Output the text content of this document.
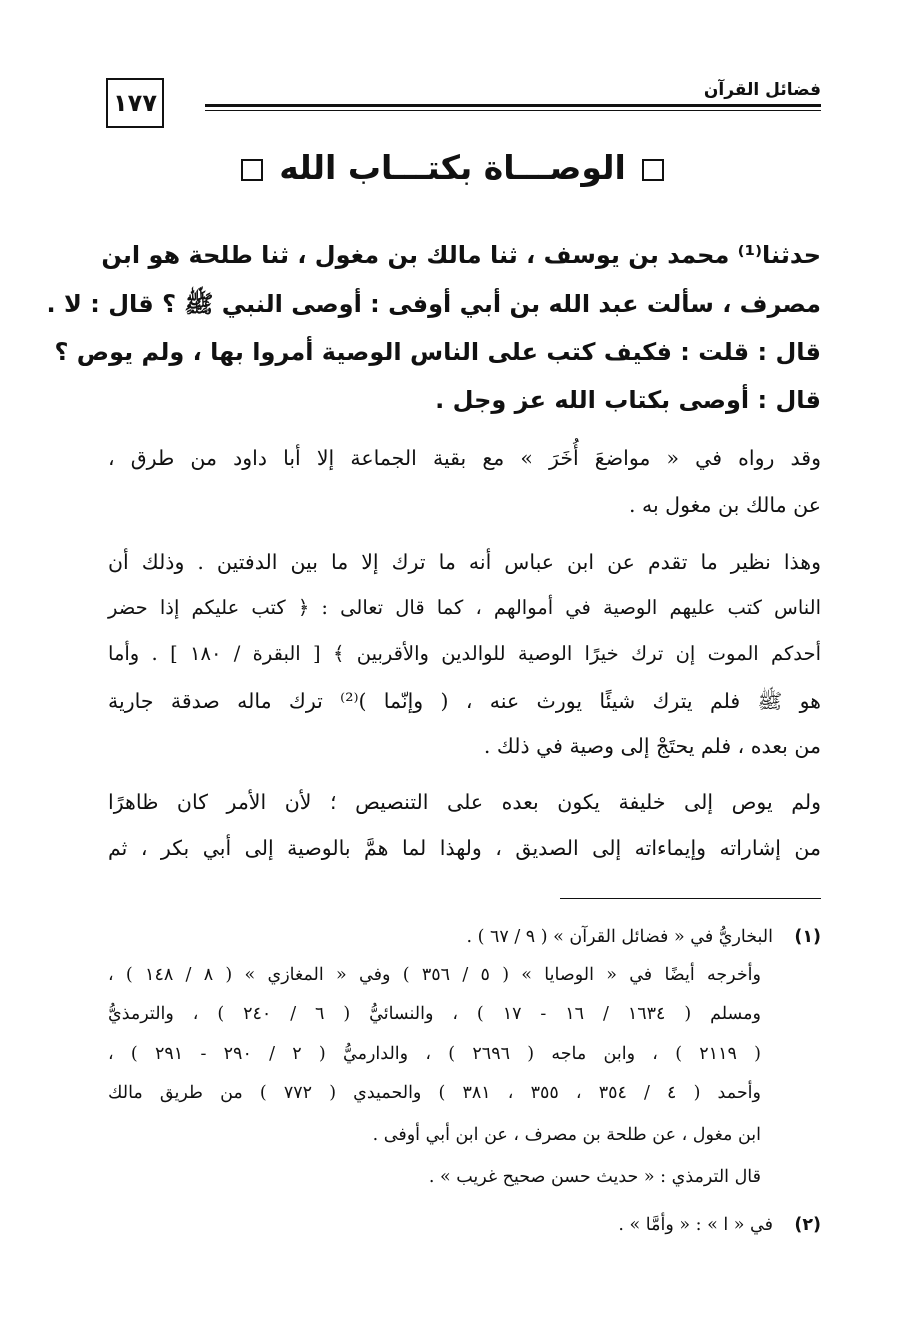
١٧٧	فضائل القرآن
الوصـــاة بكتـــاب الله
حدثنا⁽¹⁾ محمد بن يوسف ، ثنا مالك بن مغول ، ثنا طلحة هو ابن
مصرف ، سألت عبد الله بن أبي أوفى : أوصى النبي ﷺ ؟ قال : لا .
قال : قلت : فكيف كتب على الناس الوصية أمروا بها ، ولم يوص ؟
قال : أوصى بكتاب الله عز وجل .
وقد رواه في « مواضعَ أُخَرَ » مع بقية الجماعة إلا أبا داود من طرق ،
عن مالك بن مغول به .
وهذا نظير ما تقدم عن ابن عباس أنه ما ترك إلا ما بين الدفتين . وذلك أن
الناس كتب عليهم الوصية في أموالهم ، كما قال تعالى : ﴿ كتب عليكم إذا حضر
أحدكم الموت إن ترك خيرًا الوصية للوالدين والأقربين ﴾ [ البقرة / ١٨٠ ] . وأما
هو ﷺ فلم يترك شيئًا يورث عنه ، ( وإنّما )⁽²⁾ ترك ماله صدقة جارية
من بعده ، فلم يحتَجْ إلى وصية في ذلك .
ولم يوص إلى خليفة يكون بعده على التنصيص ؛ لأن الأمر كان ظاهرًا
من إشاراته وإيماءاته إلى الصديق ، ولهذا لما همَّ بالوصية إلى أبي بكر ، ثم
(١)البخاريُّ في « فضائل القرآن » ( ٩ / ٦٧ ) .
وأخرجه أيضًا في « الوصايا » ( ٥ / ٣٥٦ ) وفي « المغازي » ( ٨ / ١٤٨ ) ،
ومسلم ( ١٦٣٤ / ١٦ - ١٧ ) ، والنسائيُّ ( ٦ / ٢٤٠ ) ، والترمذيُّ
( ٢١١٩ ) ، وابن ماجه ( ٢٦٩٦ ) ، والدارميُّ ( ٢ / ٢٩٠ - ٢٩١ ) ،
وأحمد ( ٤ / ٣٥٤ ، ٣٥٥ ، ٣٨١ ) والحميدي ( ٧٧٢ ) من طريق مالك
ابن مغول ، عن طلحة بن مصرف ، عن ابن أبي أوفى .
قال الترمذي : « حديث حسن صحيح غريب » .
(٢)في « ا » : « وأمَّا » .
